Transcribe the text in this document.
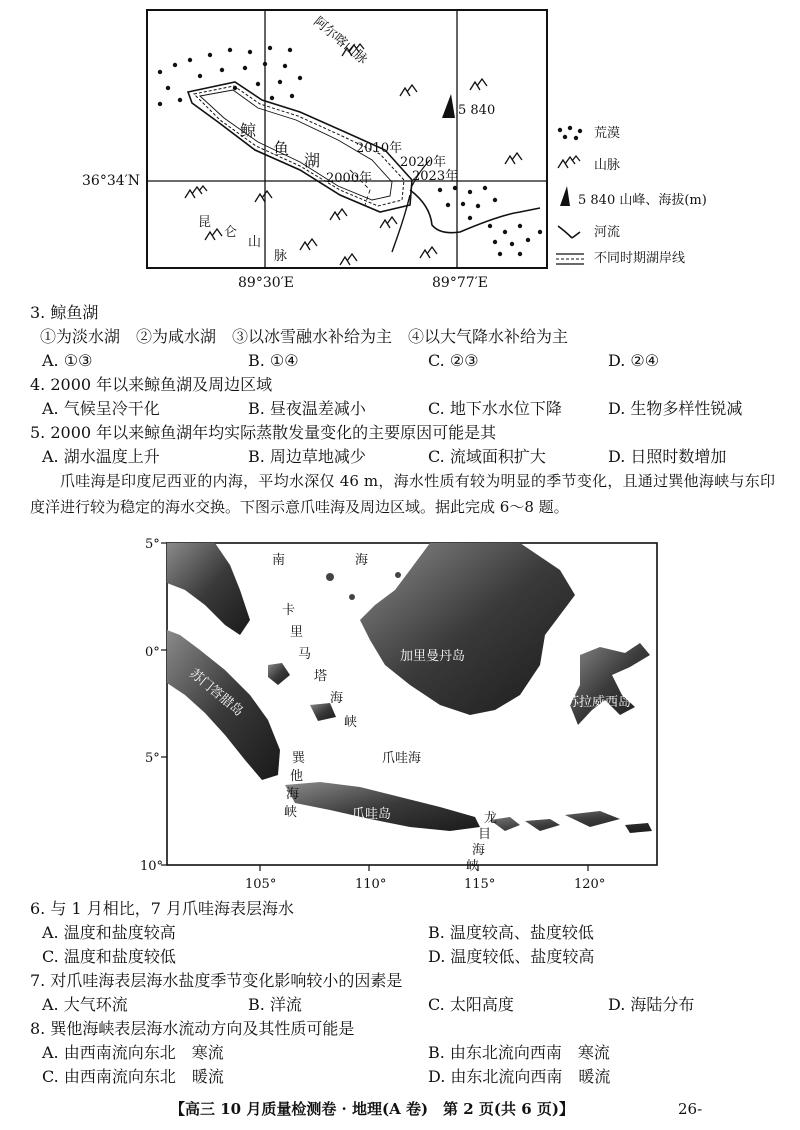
阿尔喀山脉
鲸
鱼
湖
2010年
2020年
2023年
2000年
5 840
昆
仑
山
脉
36°34′N
89°30′E	89°77′E
荒漠
山脉
5 840 山峰、海拔(m)
河流
不同时期湖岸线
3. 鲸鱼湖
①为淡水湖　②为咸水湖　③以冰雪融水补给为主　④以大气降水补给为主
A. ①③	B. ①④	C. ②③	D. ②④
4. 2000 年以来鲸鱼湖及周边区域
A. 气候呈冷干化	B. 昼夜温差减小	C. 地下水水位下降	D. 生物多样性锐减
5. 2000 年以来鲸鱼湖年均实际蒸散发量变化的主要原因可能是其
A. 湖水温度上升	B. 周边草地减少	C. 流域面积扩大	D. 日照时数增加
爪哇海是印度尼西亚的内海，平均水深仅 46 m，海水性质有较为明显的季节变化，且通过巽他海峡与东印度洋进行较为稳定的海水交换。下图示意爪哇海及周边区域。据此完成 6～8 题。
南	海
卡
里
马
塔
海
峡
加里曼丹岛
苏门答腊岛	苏拉威西岛
爪哇海
巽
他
海
峡	爪哇岛	龙
目
海
峡
5°
0°
5°
10°
105°	110°	115°	120°
6. 与 1 月相比，7 月爪哇海表层海水
A. 温度和盐度较高	B. 温度较高、盐度较低
C. 温度和盐度较低	D. 温度较低、盐度较高
7. 对爪哇海表层海水盐度季节变化影响较小的因素是
A. 大气环流	B. 洋流	C. 太阳高度	D. 海陆分布
8. 巽他海峡表层海水流动方向及其性质可能是
A. 由西南流向东北　寒流	B. 由东北流向西南　寒流
C. 由西南流向东北　暖流	D. 由东北流向西南　暖流
【高三 10 月质量检测卷 · 地理(A 卷)　第 2 页(共 6 页)】	26-
